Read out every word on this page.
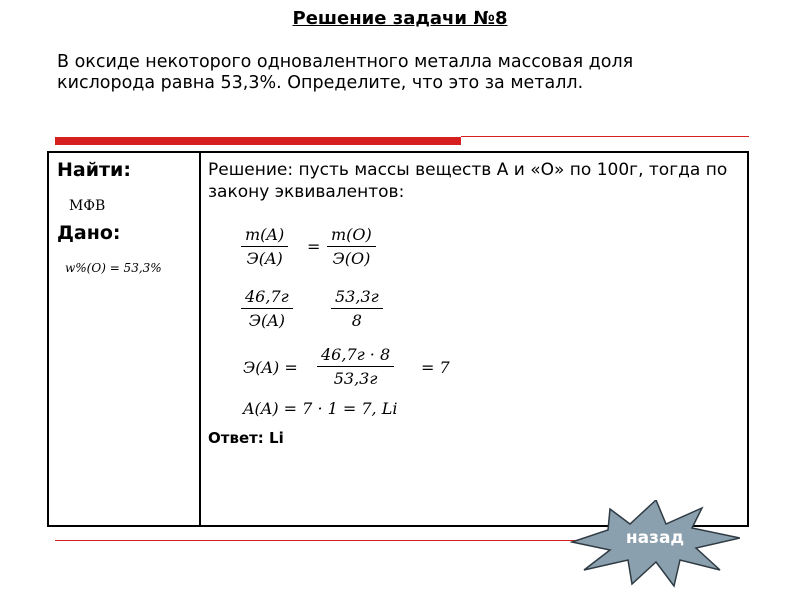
Решение задачи №8
В оксиде некоторого одновалентного металла массовая доля кислорода равна 53,3%. Определите, что это за металл.
Найти:
МФВ
Дано:
w%(O) = 53,3%
Решение: пусть массы веществ А и «О» по 100г, тогда по закону эквивалентов:
m(A)
Э(A)
=
m(O)
Э(O)
46,7г
Э(A)
53,3г
8
Э(A) =
46,7г · 8
53,3г
= 7
A(A) = 7 · 1 = 7, Li
Ответ: Li
назад
